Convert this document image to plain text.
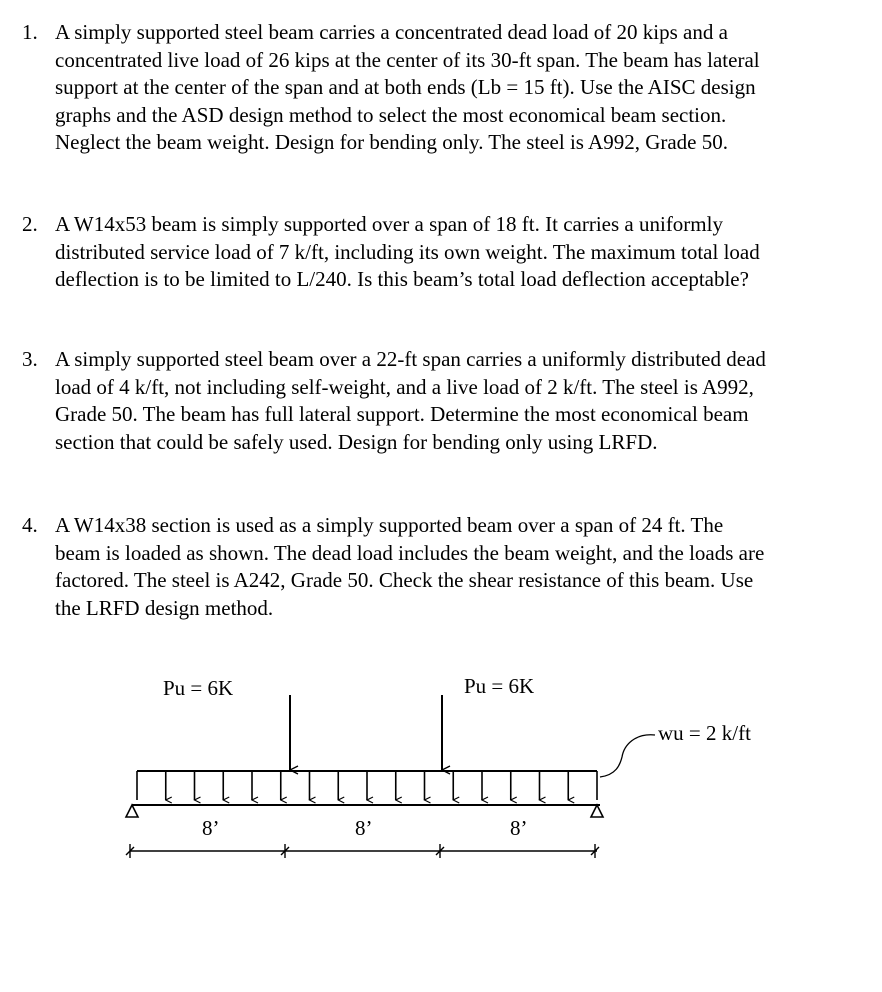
1. A simply supported steel beam carries a concentrated dead load of 20 kips and a
concentrated live load of 26 kips at the center of its 30-ft span. The beam has lateral
support at the center of the span and at both ends (Lb = 15 ft). Use the AISC design
graphs and the ASD design method to select the most economical beam section.
Neglect the beam weight. Design for bending only. The steel is A992, Grade 50.
2. A W14x53 beam is simply supported over a span of 18 ft. It carries a uniformly
distributed service load of 7 k/ft, including its own weight. The maximum total load
deflection is to be limited to L/240. Is this beam’s total load deflection acceptable?
3. A simply supported steel beam over a 22-ft span carries a uniformly distributed dead
load of 4 k/ft, not including self-weight, and a live load of 2 k/ft. The steel is A992,
Grade 50. The beam has full lateral support. Determine the most economical beam
section that could be safely used. Design for bending only using LRFD.
4. A W14x38 section is used as a simply supported beam over a span of 24 ft. The
beam is loaded as shown. The dead load includes the beam weight, and the loads are
factored. The steel is A242, Grade 50. Check the shear resistance of this beam. Use
the LRFD design method.
Pu = 6K	Pu = 6K
wu = 2 k/ft
8’	8’	8’
